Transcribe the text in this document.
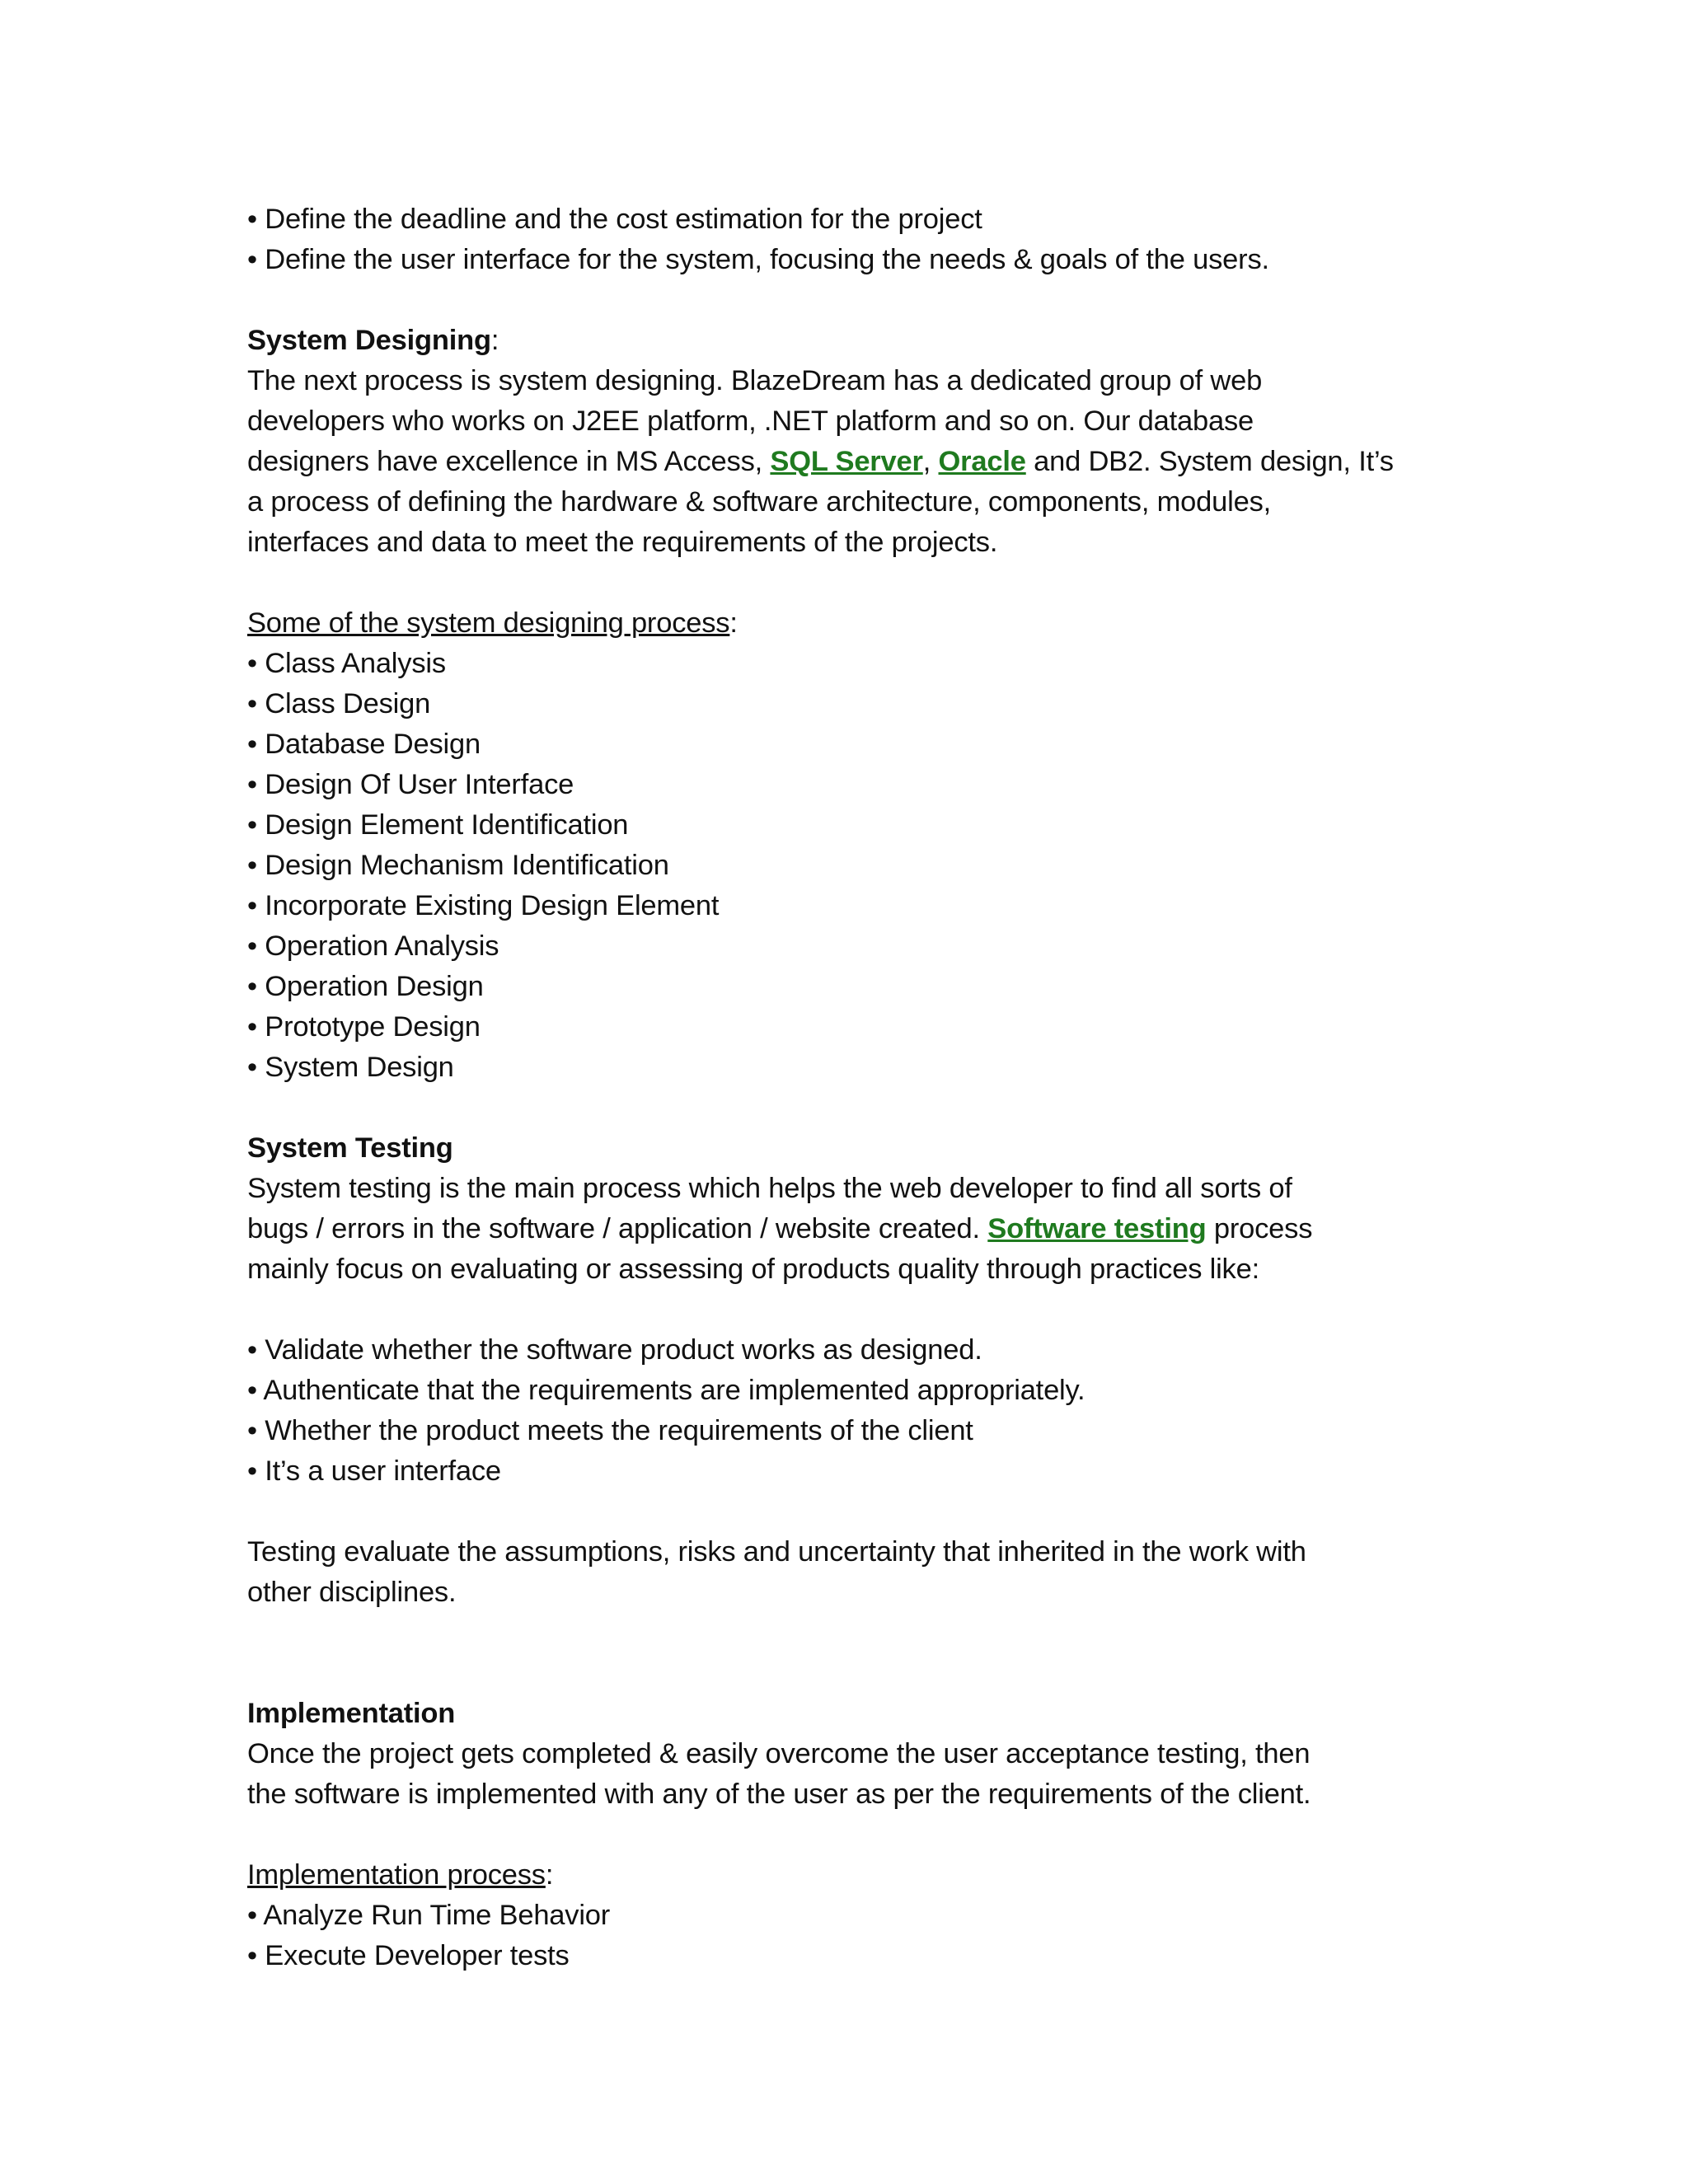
• Define the deadline and the cost estimation for the project
• Define the user interface for the system, focusing the needs & goals of the users.
System Designing:
The next process is system designing. BlazeDream has a dedicated group of web
developers who works on J2EE platform, .NET platform and so on. Our database
designers have excellence in MS Access, SQL Server, Oracle and DB2. System design, It’s
a process of defining the hardware & software architecture, components, modules,
interfaces and data to meet the requirements of the projects.
Some of the system designing process:
• Class Analysis
• Class Design
• Database Design
• Design Of User Interface
• Design Element Identification
• Design Mechanism Identification
• Incorporate Existing Design Element
• Operation Analysis
• Operation Design
• Prototype Design
• System Design
System Testing
System testing is the main process which helps the web developer to find all sorts of
bugs / errors in the software / application / website created. Software testing process
mainly focus on evaluating or assessing of products quality through practices like:
• Validate whether the software product works as designed.
• Authenticate that the requirements are implemented appropriately.
• Whether the product meets the requirements of the client
• It’s a user interface
Testing evaluate the assumptions, risks and uncertainty that inherited in the work with
other disciplines.
Implementation
Once the project gets completed & easily overcome the user acceptance testing, then
the software is implemented with any of the user as per the requirements of the client.
Implementation process:
• Analyze Run Time Behavior
• Execute Developer tests
